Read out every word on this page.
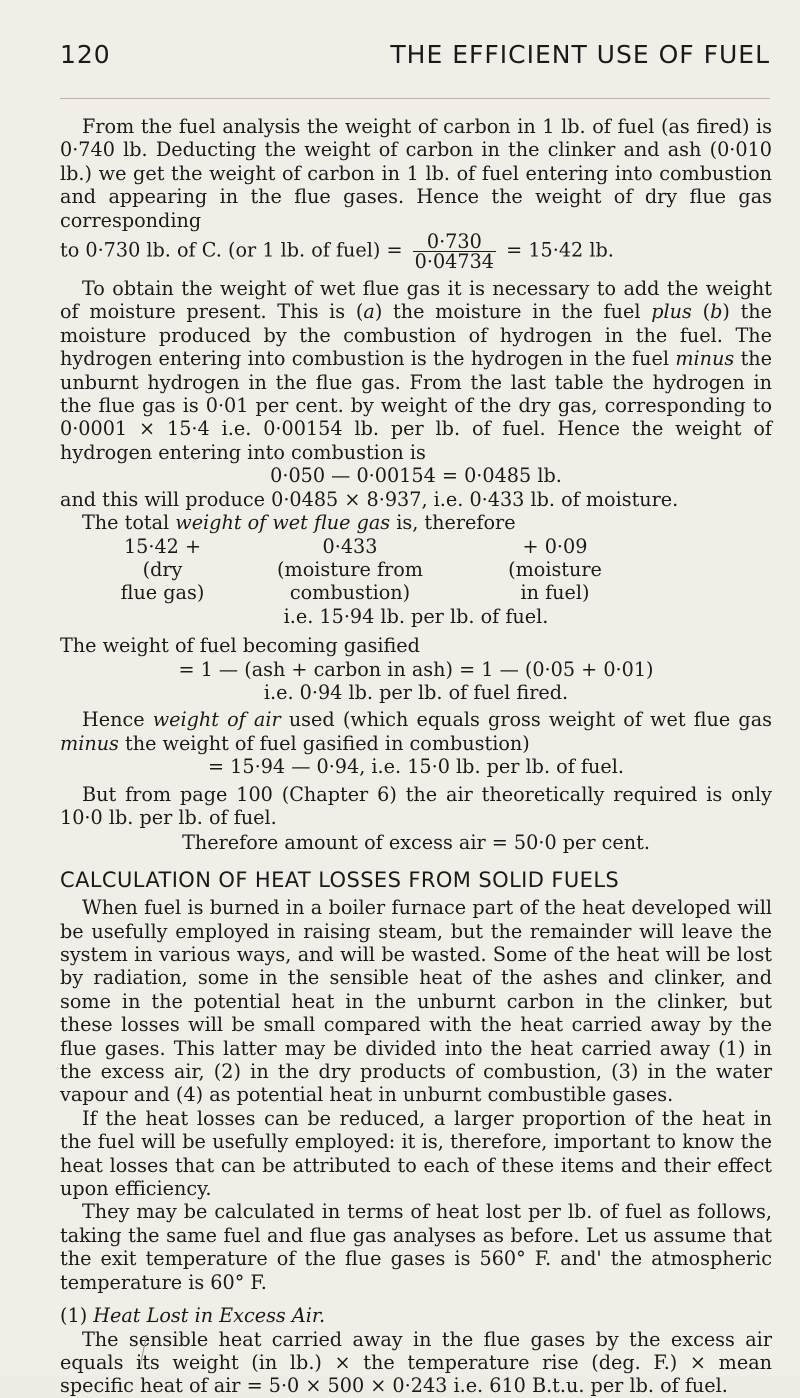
120	THE EFFICIENT USE OF FUEL

From the fuel analysis the weight of carbon in 1 lb. of fuel (as fired) is 0·740 lb. Deducting the weight of carbon in the clinker and ash (0·010 lb.) we get the weight of carbon in 1 lb. of fuel entering into combustion and appearing in the flue gases. Hence the weight of dry flue gas corresponding

to 0·730 lb. of C. (or 1 lb. of fuel) = $\frac{0\cdot 730}{0\cdot 04734} = 15\cdot 42$ lb.

To obtain the weight of wet flue gas it is necessary to add the weight of moisture present. This is (a) the moisture in the fuel plus (b) the moisture produced by the combustion of hydrogen in the fuel. The hydrogen entering into combustion is the hydrogen in the fuel minus the unburnt hydrogen in the flue gas. From the last table the hydrogen in the flue gas is 0·01 per cent. by weight of the dry gas, corresponding to 0·0001 × 15·4 i.e. 0·00154 lb. per lb. of fuel. Hence the weight of hydrogen entering into combustion is

0·050 — 0·00154 = 0·0485 lb.

and this will produce 0·0485 × 8·937, i.e. 0·433 lb. of moisture.

The total weight of wet flue gas is, therefore

15·42 +	0·433	+ 0·09
(dry	(moisture from	(moisture
flue gas)	combustion)	in fuel)
i.e. 15·94 lb. per lb. of fuel.

The weight of fuel becoming gasified

= 1 — (ash + carbon in ash) = 1 — (0·05 + 0·01)
i.e. 0·94 lb. per lb. of fuel fired.

Hence weight of air used (which equals gross weight of wet flue gas minus the weight of fuel gasified in combustion)

= 15·94 — 0·94, i.e. 15·0 lb. per lb. of fuel.

But from page 100 (Chapter 6) the air theoretically required is only 10·0 lb. per lb. of fuel.

Therefore amount of excess air = 50·0 per cent.
CALCULATION OF HEAT LOSSES FROM SOLID FUELS

When fuel is burned in a boiler furnace part of the heat developed will be usefully employed in raising steam, but the remainder will leave the system in various ways, and will be wasted. Some of the heat will be lost by radiation, some in the sensible heat of the ashes and clinker, and some in the potential heat in the unburnt carbon in the clinker, but these losses will be small compared with the heat carried away by the flue gases. This latter may be divided into the heat carried away (1) in the excess air, (2) in the dry products of combustion, (3) in the water vapour and (4) as potential heat in unburnt combustible gases.

If the heat losses can be reduced, a larger proportion of the heat in the fuel will be usefully employed: it is, therefore, important to know the heat losses that can be attributed to each of these items and their effect upon efficiency.

They may be calculated in terms of heat lost per lb. of fuel as follows, taking the same fuel and flue gas analyses as before. Let us assume that the exit temperature of the flue gases is 560° F. and' the atmospheric temperature is 60° F.

(1) Heat Lost in Excess Air.

The sensible heat carried away in the flue gases by the excess air equals its weight (in lb.) × the temperature rise (deg. F.) × mean specific heat of air = 5·0 × 500 × 0·243 i.e. 610 B.t.u. per lb. of fuel.
